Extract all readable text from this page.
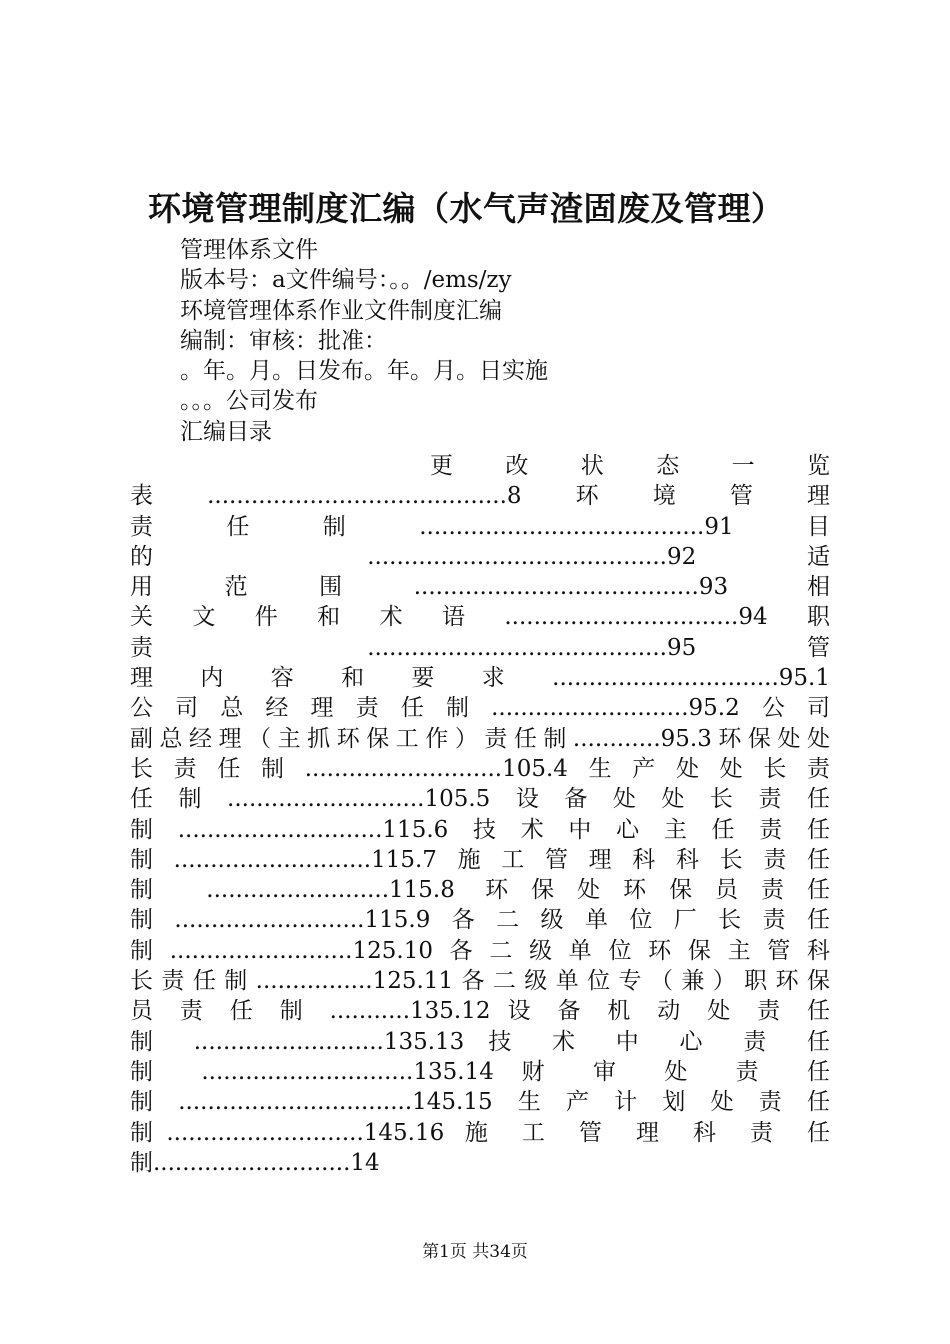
环境管理制度汇编（水气声渣固废及管理）
管理体系文件
版本号：a文件编号：。。/ems/zy
环境管理体系作业文件制度汇编
编制：审核：批准：
。年。月。日发布。年。月。日实施
。。。公司发布
汇编目录
更 改 状 态 一 览
表.........................................8环境管理
责任制.......................................91目
的 .........................................92 适
用范围.......................................93 相
关文件和术语................................94职
责 .........................................95 管
理内容和要求...............................95.1
公司总经理责任制...........................95.2公司
副总经理（主抓环保工作）责任制............95.3环保处处
长责任制...........................105.4生产处处长责
任制...........................105.5设备处处长责任
制............................115.6技术中心主任责任
制...........................115.7施工管理科科长责任
制 .........................115.8 环保处环保员责任
制..........................115.9各二级单位厂长责任
制.........................125.10各二级单位环保主管科
长责任制................125.11各二级单位专（兼）职环保
员 责 任 制 ...........135.12 设 备 机 动 处 责 任
制 ..........................135.13 技 术 中 心 责 任
制 .............................135.14 财 审 处 责 任
制................................145.15生产计划处责任
制...........................145.16 施 工 管 理 科 责 任
制...........................14
第1页 共34页
